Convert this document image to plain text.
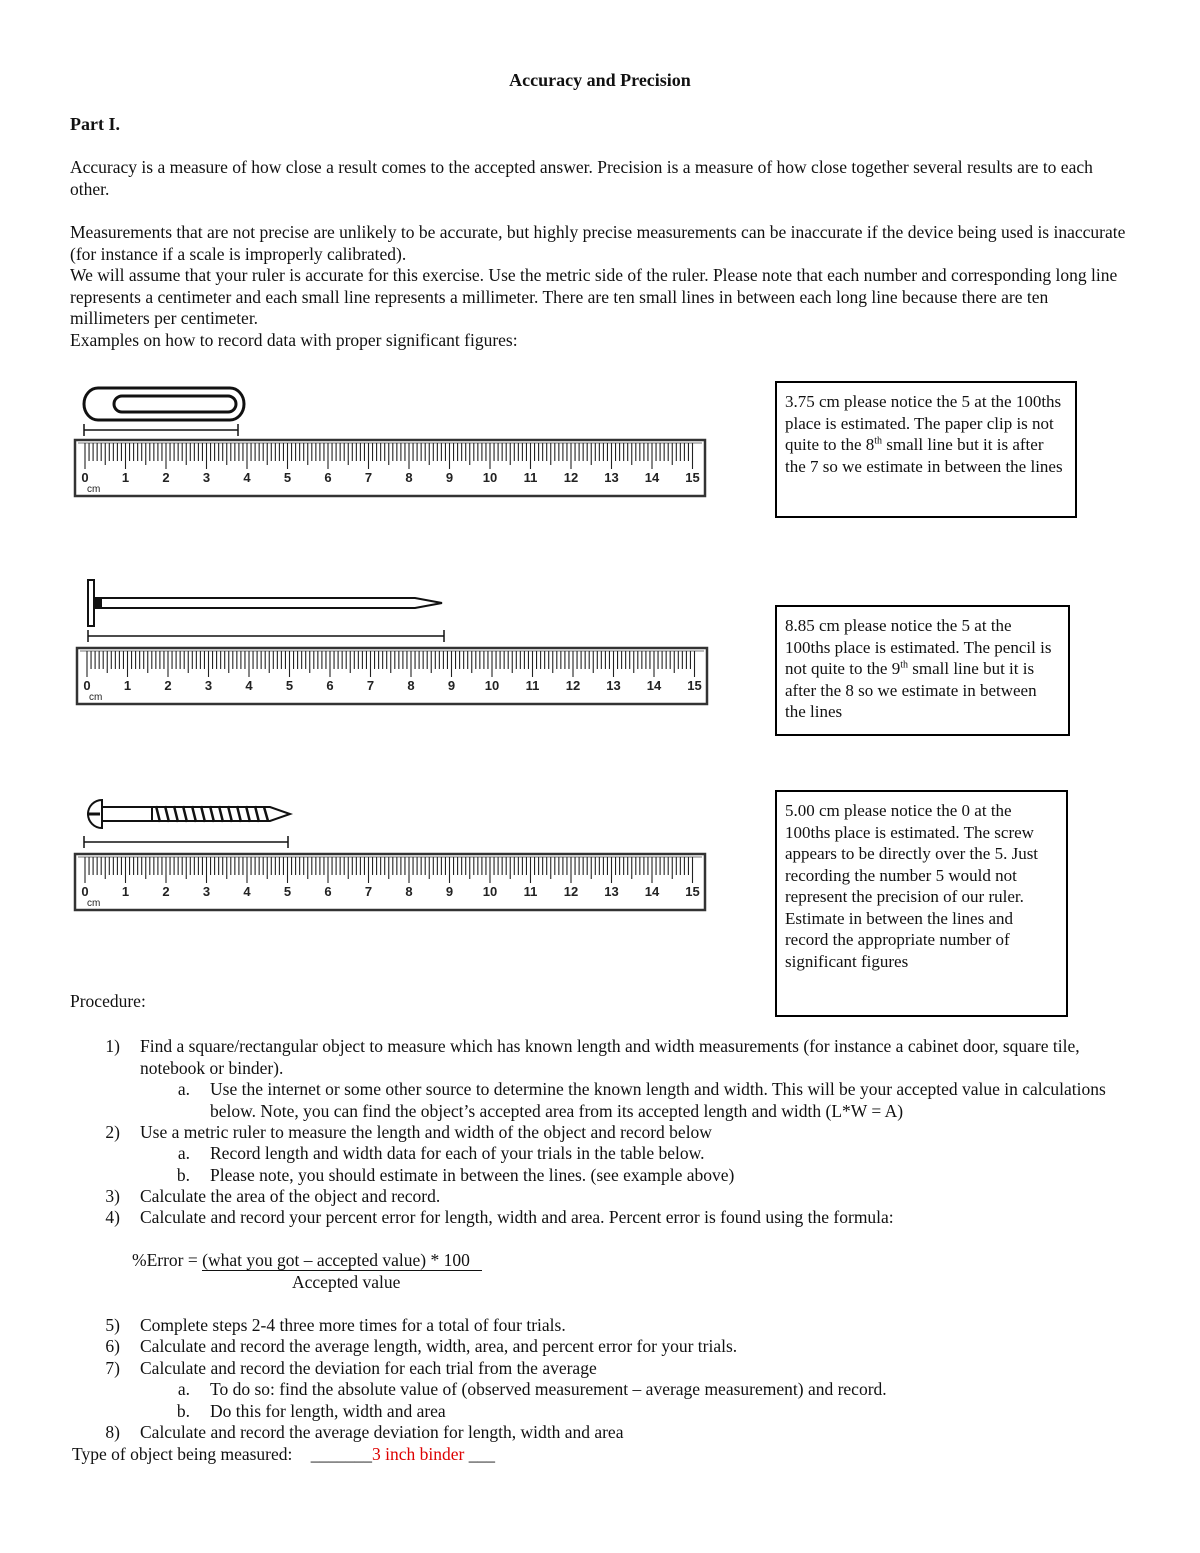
Accuracy and Precision
Part I.
Accuracy is a measure of how close a result comes to the accepted answer. Precision is a measure of how close together several results are to each other.
Measurements that are not precise are unlikely to be accurate, but highly precise measurements can be inaccurate if the device being used is inaccurate (for instance if a scale is improperly calibrated).
We will assume that your ruler is accurate for this exercise. Use the metric side of the ruler. Please note that each number and corresponding long line represents a centimeter and each small line represents a millimeter. There are ten small lines in between each long line because there are ten millimeters per centimeter.
Examples on how to record data with proper significant figures:
0	1	2	3	4	5	6	7	8	9 10 11 12 13 14 15
cm
3.75 cm please notice the 5 at the 100ths place is estimated. The paper clip is not quite to the 8th small line but it is after the 7 so we estimate in between the lines
0	1	2	3	4	5	6	7	8	9 10 11 12 13 14 15
cm
8.85 cm please notice the 5 at the 100ths place is estimated. The pencil is not quite to the 9th small line but it is after the 8 so we estimate in between the lines
0	1	2	3	4	5	6	7	8	9 10 11 12 13 14 15
cm
5.00 cm please notice the 0 at the 100ths place is estimated. The screw appears to be directly over the 5. Just recording the number 5 would not represent the precision of our ruler. Estimate in between the lines and record the appropriate number of significant figures
Procedure:
1) Find a square/rectangular object to measure which has known length and width measurements (for instance a cabinet door, square tile, notebook or binder).
a. Use the internet or some other source to determine the known length and width. This will be your accepted value in calculations below. Note, you can find the object’s accepted area from its accepted length and width (L*W = A)
2) Use a metric ruler to measure the length and width of the object and record below
a. Record length and width data for each of your trials in the table below.
b. Please note, you should estimate in between the lines. (see example above)
3) Calculate the area of the object and record.
4) Calculate and record your percent error for length, width and area. Percent error is found using the formula:
%Error = (what you got – accepted value) * 100
Accepted value
5) Complete steps 2-4 three more times for a total of four trials.
6) Calculate and record the average length, width, area, and percent error for your trials.
7) Calculate and record the deviation for each trial from the average
a. To do so: find the absolute value of (observed measurement – average measurement) and record.
b. Do this for length, width and area
8) Calculate and record the average deviation for length, width and area
Type of object being measured: _______3 inch binder ___
